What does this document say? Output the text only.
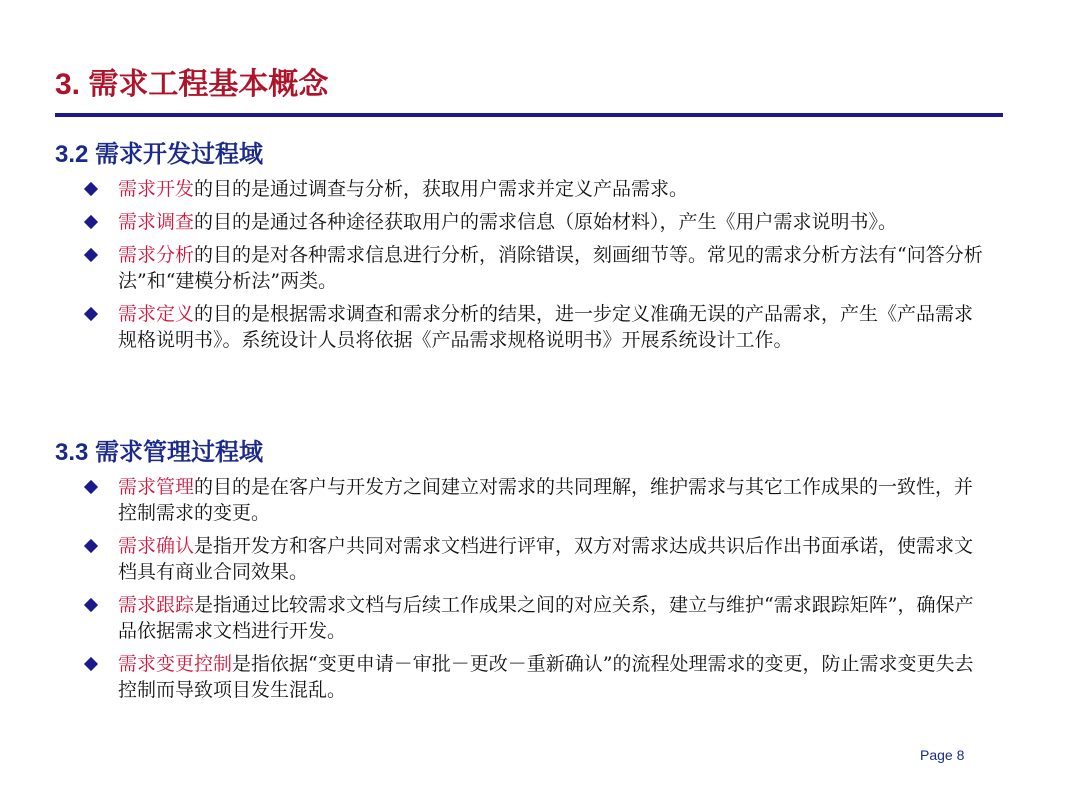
3. 需求工程基本概念
3.2 需求开发过程域
需求开发的目的是通过调查与分析，获取用户需求并定义产品需求。
需求调查的目的是通过各种途径获取用户的需求信息（原始材料），产生《用户需求说明书》。
需求分析的目的是对各种需求信息进行分析，消除错误，刻画细节等。常见的需求分析方法有“问答分析法”和“建模分析法”两类。
需求定义的目的是根据需求调查和需求分析的结果，进一步定义准确无误的产品需求，产生《产品需求规格说明书》。系统设计人员将依据《产品需求规格说明书》开展系统设计工作。
3.3 需求管理过程域
需求管理的目的是在客户与开发方之间建立对需求的共同理解，维护需求与其它工作成果的一致性，并控制需求的变更。
需求确认是指开发方和客户共同对需求文档进行评审，双方对需求达成共识后作出书面承诺，使需求文档具有商业合同效果。
需求跟踪是指通过比较需求文档与后续工作成果之间的对应关系，建立与维护“需求跟踪矩阵”，确保产品依据需求文档进行开发。
需求变更控制是指依据“变更申请－审批－更改－重新确认”的流程处理需求的变更，防止需求变更失去控制而导致项目发生混乱。
Page 8
